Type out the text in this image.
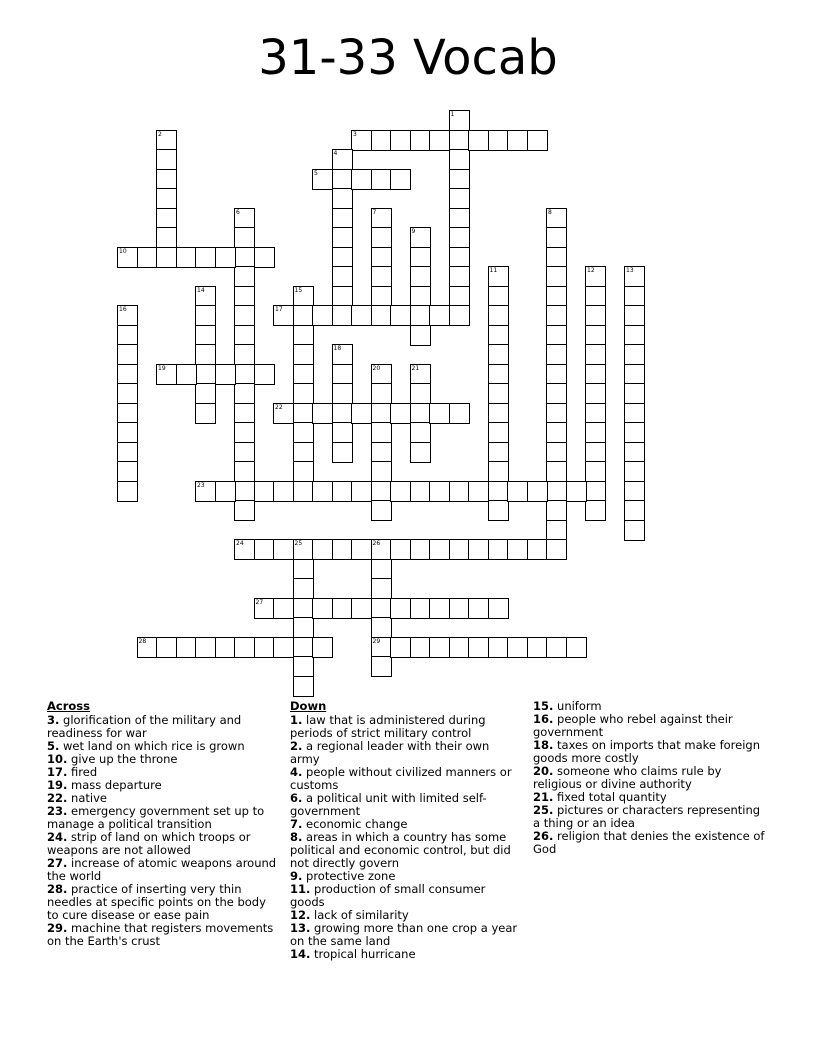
31-33 Vocab
1
2	3
4
5
6	7	8
9
10
11	12	13
14	15
16	17
18
19	20	21
22
23
24	25	26
29
27
28
Across
3. glorification of the military and readiness for war
5. wet land on which rice is grown
10. give up the throne
17. fired
19. mass departure
22. native
23. emergency government set up to manage a political transition
24. strip of land on which troops or weapons are not allowed
27. increase of atomic weapons around the world
28. practice of inserting very thin needles at specific points on the body to cure disease or ease pain
29. machine that registers movements on the Earth's crust
Down
1. law that is administered during periods of strict military control
2. a regional leader with their own army
4. people without civilized manners or customs
6. a political unit with limited self-government
7. economic change
8. areas in which a country has some political and economic control, but did not directly govern
9. protective zone
11. production of small consumer goods
12. lack of similarity
13. growing more than one crop a year on the same land
14. tropical hurricane
15. uniform
16. people who rebel against their government
18. taxes on imports that make foreign goods more costly
20. someone who claims rule by religious or divine authority
21. fixed total quantity
25. pictures or characters representing a thing or an idea
26. religion that denies the existence of God
